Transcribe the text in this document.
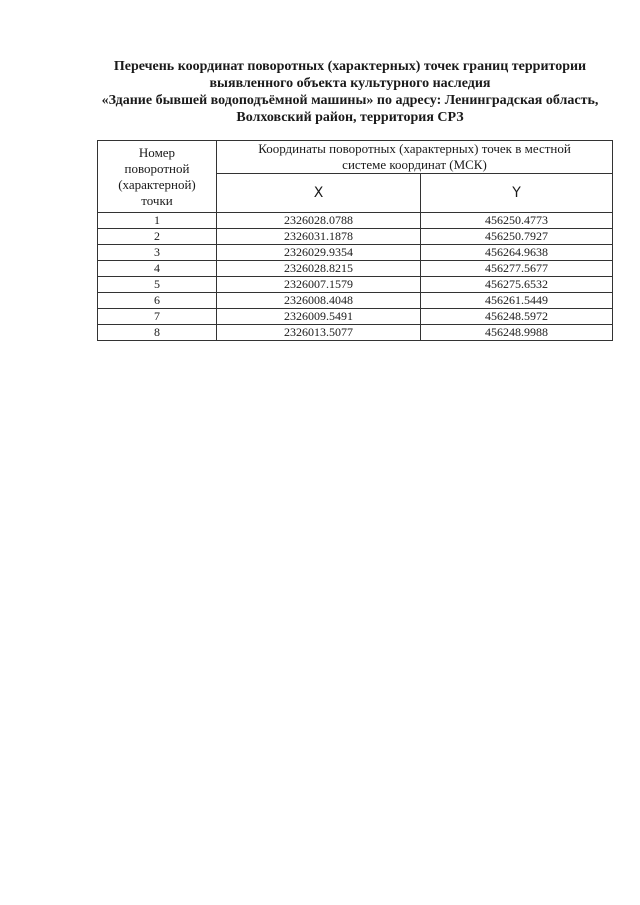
Перечень координат поворотных (характерных) точек границ территории
выявленного объекта культурного наследия
«Здание бывшей водоподъёмной машины» по адресу: Ленинградская область,
Волховский район, территория СРЗ
Номер
поворотной
(характерной)
точки	Координаты поворотных (характерных) точек в местной
системе координат (МСК)	
	X	Y
1	2326028.0788	456250.4773
2	2326031.1878	456250.7927
3	2326029.9354	456264.9638
4	2326028.8215	456277.5677
5	2326007.1579	456275.6532
6	2326008.4048	456261.5449
7	2326009.5491	456248.5972
8	2326013.5077	456248.9988
